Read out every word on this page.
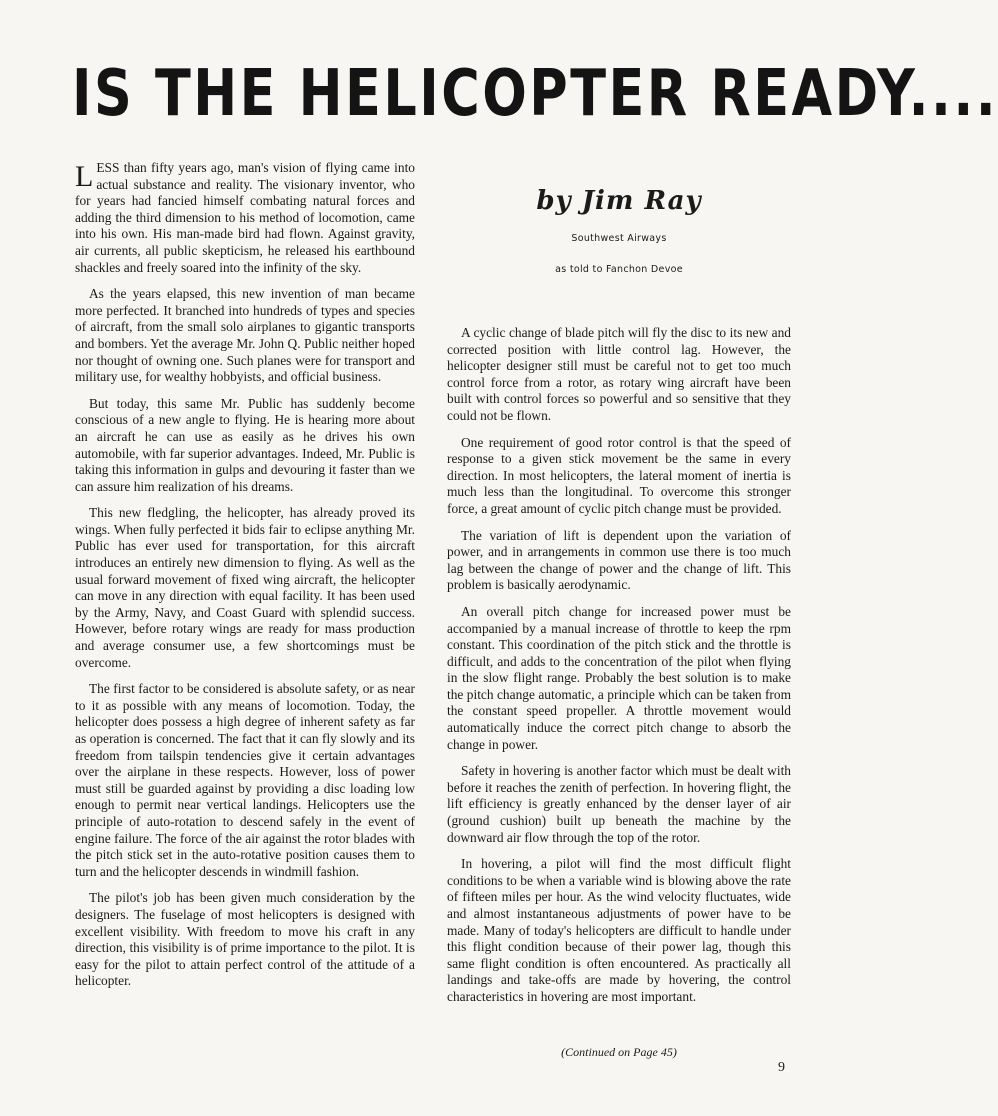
IS THE HELICOPTER READY....

LESS than fifty years ago, man's vision of flying came into actual substance and reality. The visionary inventor, who for years had fancied himself combating natural forces and adding the third dimension to his method of locomotion, came into his own. His man-made bird had flown. Against gravity, air currents, all public skepticism, he released his earthbound shackles and freely soared into the infinity of the sky.

As the years elapsed, this new invention of man became more perfected. It branched into hundreds of types and species of aircraft, from the small solo airplanes to gigantic transports and bombers. Yet the average Mr. John Q. Public neither hoped nor thought of owning one. Such planes were for transport and military use, for wealthy hobbyists, and official business.

But today, this same Mr. Public has suddenly become conscious of a new angle to flying. He is hearing more about an aircraft he can use as easily as he drives his own automobile, with far superior advantages. Indeed, Mr. Public is taking this information in gulps and devouring it faster than we can assure him realization of his dreams.

This new fledgling, the helicopter, has already proved its wings. When fully perfected it bids fair to eclipse anything Mr. Public has ever used for transportation, for this aircraft introduces an entirely new dimension to flying. As well as the usual forward movement of fixed wing aircraft, the helicopter can move in any direction with equal facility. It has been used by the Army, Navy, and Coast Guard with splendid success. However, before rotary wings are ready for mass production and average consumer use, a few shortcomings must be overcome.

The first factor to be considered is absolute safety, or as near to it as possible with any means of locomotion. Today, the helicopter does possess a high degree of inherent safety as far as operation is concerned. The fact that it can fly slowly and its freedom from tailspin tendencies give it certain advantages over the airplane in these respects. However, loss of power must still be guarded against by providing a disc loading low enough to permit near vertical landings. Helicopters use the principle of auto-rotation to descend safely in the event of engine failure. The force of the air against the rotor blades with the pitch stick set in the auto-rotative position causes them to turn and the helicopter descends in windmill fashion.

The pilot's job has been given much consideration by the designers. The fuselage of most helicopters is designed with excellent visibility. With freedom to move his craft in any direction, this visibility is of prime importance to the pilot. It is easy for the pilot to attain perfect control of the attitude of a helicopter.

by Jim Ray
Southwest Airways
as told to Fanchon Devoe

A cyclic change of blade pitch will fly the disc to its new and corrected position with little control lag. However, the helicopter designer still must be careful not to get too much control force from a rotor, as rotary wing aircraft have been built with control forces so powerful and so sensitive that they could not be flown.

One requirement of good rotor control is that the speed of response to a given stick movement be the same in every direction. In most helicopters, the lateral moment of inertia is much less than the longitudinal. To overcome this stronger force, a great amount of cyclic pitch change must be provided.

The variation of lift is dependent upon the variation of power, and in arrangements in common use there is too much lag between the change of power and the change of lift. This problem is basically aerodynamic.

An overall pitch change for increased power must be accompanied by a manual increase of throttle to keep the rpm constant. This coordination of the pitch stick and the throttle is difficult, and adds to the concentration of the pilot when flying in the slow flight range. Probably the best solution is to make the pitch change automatic, a principle which can be taken from the constant speed propeller. A throttle movement would automatically induce the correct pitch change to absorb the change in power.

Safety in hovering is another factor which must be dealt with before it reaches the zenith of perfection. In hovering flight, the lift efficiency is greatly enhanced by the denser layer of air (ground cushion) built up beneath the machine by the downward air flow through the top of the rotor.

In hovering, a pilot will find the most difficult flight conditions to be when a variable wind is blowing above the rate of fifteen miles per hour. As the wind velocity fluctuates, wide and almost instantaneous adjustments of power have to be made. Many of today's helicopters are difficult to handle under this flight condition because of their power lag, though this same flight condition is often encountered. As practically all landings and take-offs are made by hovering, the control characteristics in hovering are most important.

(Continued on Page 45)
9
